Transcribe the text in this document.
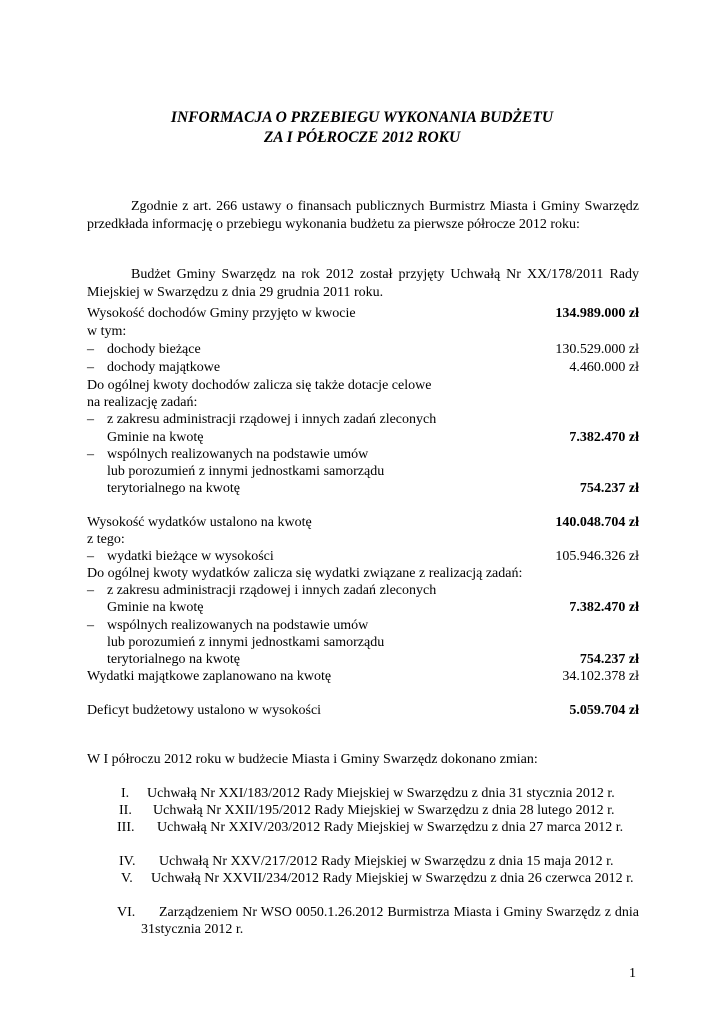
INFORMACJA O PRZEBIEGU WYKONANIA BUDŻETU
ZA I PÓŁROCZE 2012 ROKU
Zgodnie z art. 266 ustawy o finansach publicznych Burmistrz Miasta i Gminy Swarzędz przedkłada informację o przebiegu wykonania budżetu za pierwsze półrocze 2012 roku:
Budżet Gminy Swarzędz na rok 2012 został przyjęty Uchwałą Nr XX/178/2011 Rady Miejskiej w Swarzędzu z dnia 29 grudnia 2011 roku.
Wysokość dochodów Gminy przyjęto w kwocie	134.989.000 zł
w tym:
– dochody bieżące	130.529.000 zł
– dochody majątkowe	4.460.000 zł
Do ogólnej kwoty dochodów zalicza się także dotacje celowe
na realizację zadań:
– z zakresu administracji rządowej i innych zadań zleconych
Gminie na kwotę	7.382.470 zł
– wspólnych realizowanych na podstawie umów
lub porozumień z innymi jednostkami samorządu
terytorialnego na kwotę	754.237 zł
Wysokość wydatków ustalono na kwotę	140.048.704 zł
z tego:
– wydatki bieżące w wysokości	105.946.326 zł
Do ogólnej kwoty wydatków zalicza się wydatki związane z realizacją zadań:
– z zakresu administracji rządowej i innych zadań zleconych
Gminie na kwotę	7.382.470 zł
– wspólnych realizowanych na podstawie umów
lub porozumień z innymi jednostkami samorządu
terytorialnego na kwotę	754.237 zł
Wydatki majątkowe zaplanowano na kwotę	34.102.378 zł
Deficyt budżetowy ustalono w wysokości	5.059.704 zł
W I półroczu 2012 roku w budżecie Miasta i Gminy Swarzędz dokonano zmian:
I. Uchwałą Nr XXI/183/2012 Rady Miejskiej w Swarzędzu z dnia 31 stycznia 2012 r.
II. Uchwałą Nr XXII/195/2012 Rady Miejskiej w Swarzędzu z dnia 28 lutego 2012 r.
III. Uchwałą Nr XXIV/203/2012 Rady Miejskiej w Swarzędzu z dnia 27 marca 2012 r.
IV. Uchwałą Nr XXV/217/2012 Rady Miejskiej w Swarzędzu z dnia 15 maja 2012 r.
V.	Uchwałą Nr XXVII/234/2012 Rady Miejskiej w Swarzędzu z dnia 26 czerwca 2012 r.
VI.	Zarządzeniem Nr WSO 0050.1.26.2012 Burmistrza Miasta i Gminy Swarzędz z dnia 31stycznia 2012 r.
1
